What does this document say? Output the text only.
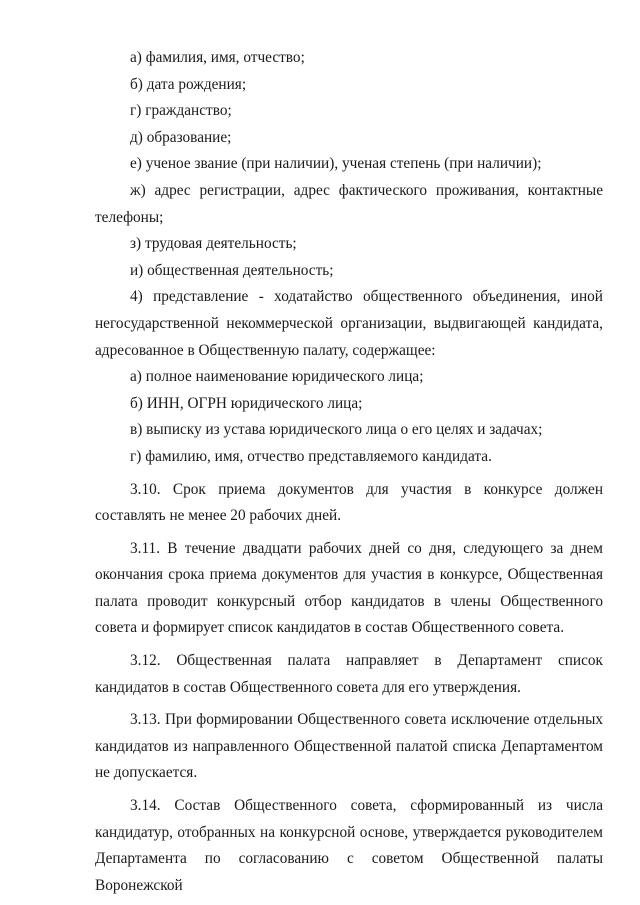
а) фамилия, имя, отчество;

б) дата рождения;

г) гражданство;

д) образование;

е) ученое звание (при наличии), ученая степень (при наличии);

ж) адрес регистрации, адрес фактического проживания, контактные телефоны;

з) трудовая деятельность;

и) общественная деятельность;

4) представление - ходатайство общественного объединения, иной негосударственной некоммерческой организации, выдвигающей кандидата, адресованное в Общественную палату, содержащее:

а) полное наименование юридического лица;

б) ИНН, ОГРН юридического лица;

в) выписку из устава юридического лица о его целях и задачах;

г) фамилию, имя, отчество представляемого кандидата.

3.10. Срок приема документов для участия в конкурсе должен составлять не менее 20 рабочих дней.

3.11. В течение двадцати рабочих дней со дня, следующего за днем окончания срока приема документов для участия в конкурсе, Общественная палата проводит конкурсный отбор кандидатов в члены Общественного совета и формирует список кандидатов в состав Общественного совета.

3.12. Общественная палата направляет в Департамент список кандидатов в состав Общественного совета для его утверждения.

3.13. При формировании Общественного совета исключение отдельных кандидатов из направленного Общественной палатой списка Департаментом не допускается.

3.14. Состав Общественного совета, сформированный из числа кандидатур, отобранных на конкурсной основе, утверждается руководителем Департамента по согласованию с советом Общественной палаты Воронежской
